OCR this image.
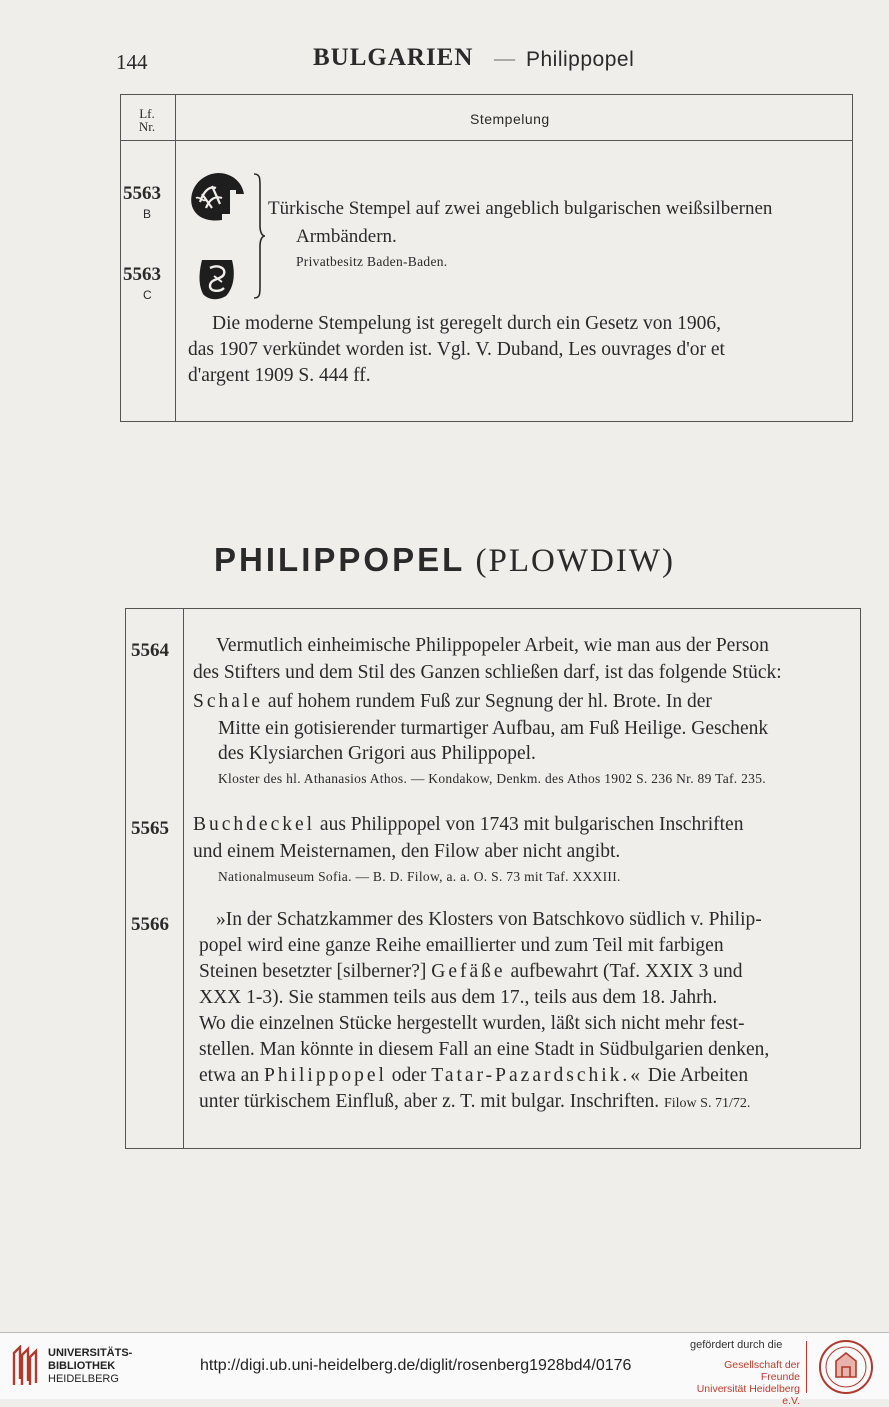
144	BULGARIEN — Philippopel
Lf.
Nr.	Stempelung
5563
B
5563
C
Türkische Stempel auf zwei angeblich bulgarischen weißsilbernen
Armbändern.
Privatbesitz Baden-Baden.
Die moderne Stempelung ist geregelt durch ein Gesetz von 1906,
das 1907 verkündet worden ist. Vgl. V. Duband, Les ouvrages d'or et
d'argent 1909 S. 444 ff.
PHILIPPOPEL (PLOWDIW)
5564 Vermutlich einheimische Philippopeler Arbeit, wie man aus der Person
des Stifters und dem Stil des Ganzen schließen darf, ist das folgende Stück:
Schale auf hohem rundem Fuß zur Segnung der hl. Brote. In der
Mitte ein gotisierender turmartiger Aufbau, am Fuß Heilige. Geschenk
des Klysiarchen Grigori aus Philippopel.
Kloster des hl. Athanasios Athos. — Kondakow, Denkm. des Athos 1902 S. 236 Nr. 89 Taf. 235.
5565 Buchdeckel aus Philippopel von 1743 mit bulgarischen Inschriften
und einem Meisternamen, den Filow aber nicht angibt.
Nationalmuseum Sofia. — B. D. Filow, a. a. O. S. 73 mit Taf. XXXIII.
5566 »In der Schatzkammer des Klosters von Batschkovo südlich v. Philip-
popel wird eine ganze Reihe emaillierter und zum Teil mit farbigen
Steinen besetzter [silberner?] Gefäße aufbewahrt (Taf. XXIX 3 und
XXX 1-3). Sie stammen teils aus dem 17., teils aus dem 18. Jahrh.
Wo die einzelnen Stücke hergestellt wurden, läßt sich nicht mehr fest-
stellen. Man könnte in diesem Fall an eine Stadt in Südbulgarien denken,
etwa an Philippopel oder Tatar-Pazardschik.« Die Arbeiten
unter türkischem Einfluß, aber z. T. mit bulgar. Inschriften. Filow S. 71/72.
UNIVERSITÄTS-
BIBLIOTHEK
HEIDELBERG
http://digi.ub.uni-heidelberg.de/diglit/rosenberg1928bd4/0176
gefördert durch die
Gesellschaft der Freunde
Universität Heidelberg e.V.
